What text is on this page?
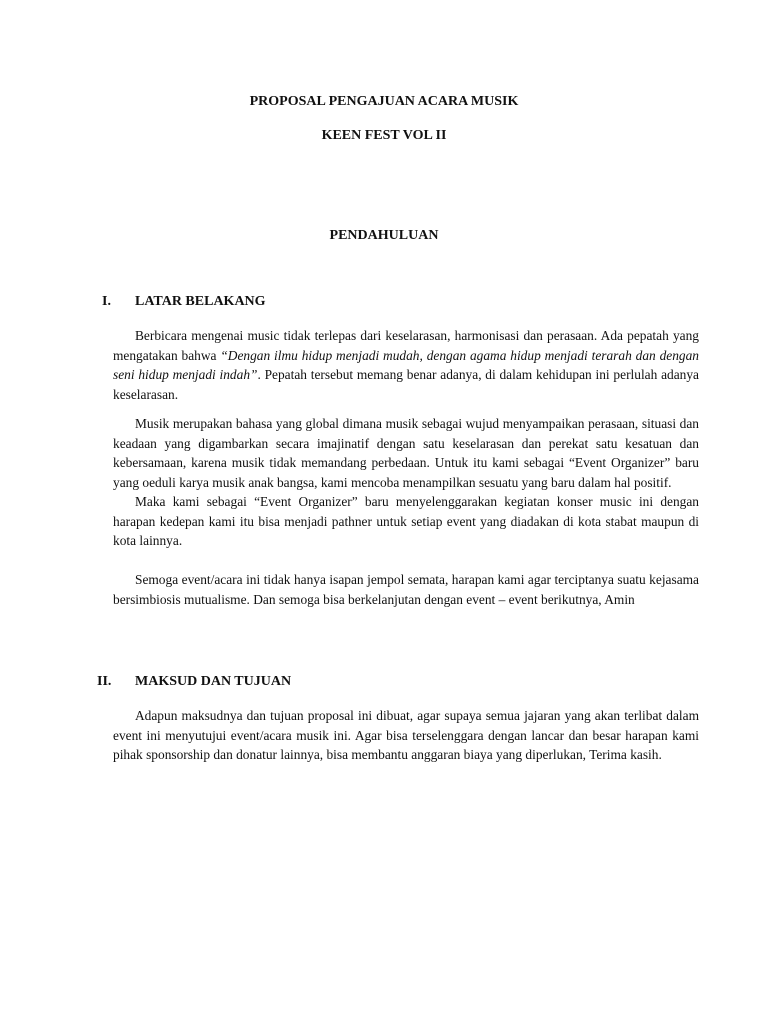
PROPOSAL PENGAJUAN ACARA MUSIK

KEEN FEST VOL II

PENDAHULUAN

I. LATAR BELAKANG

Berbicara mengenai music tidak terlepas dari keselarasan, harmonisasi dan perasaan. Ada pepatah yang mengatakan bahwa “Dengan ilmu hidup menjadi mudah, dengan agama hidup menjadi terarah dan dengan seni hidup menjadi indah”. Pepatah tersebut memang benar adanya, di dalam kehidupan ini perlulah adanya keselarasan.

Musik merupakan bahasa yang global dimana musik sebagai wujud menyampaikan perasaan, situasi dan keadaan yang digambarkan secara imajinatif dengan satu keselarasan dan perekat satu kesatuan dan kebersamaan, karena musik tidak memandang perbedaan. Untuk itu kami sebagai “Event Organizer” baru yang oeduli karya musik anak bangsa, kami mencoba menampilkan sesuatu yang baru dalam hal positif.

Maka kami sebagai “Event Organizer” baru menyelenggarakan kegiatan konser music ini dengan harapan kedepan kami itu bisa menjadi pathner untuk setiap event yang diadakan di kota stabat maupun di kota lainnya.

Semoga event/acara ini tidak hanya isapan jempol semata, harapan kami agar terciptanya suatu kejasama bersimbiosis mutualisme. Dan semoga bisa berkelanjutan dengan event – event berikutnya, Amin

II. MAKSUD DAN TUJUAN

Adapun maksudnya dan tujuan proposal ini dibuat, agar supaya semua jajaran yang akan terlibat dalam event ini menyutujui event/acara musik ini. Agar bisa terselenggara dengan lancar dan besar harapan kami pihak sponsorship dan donatur lainnya, bisa membantu anggaran biaya yang diperlukan, Terima kasih.
